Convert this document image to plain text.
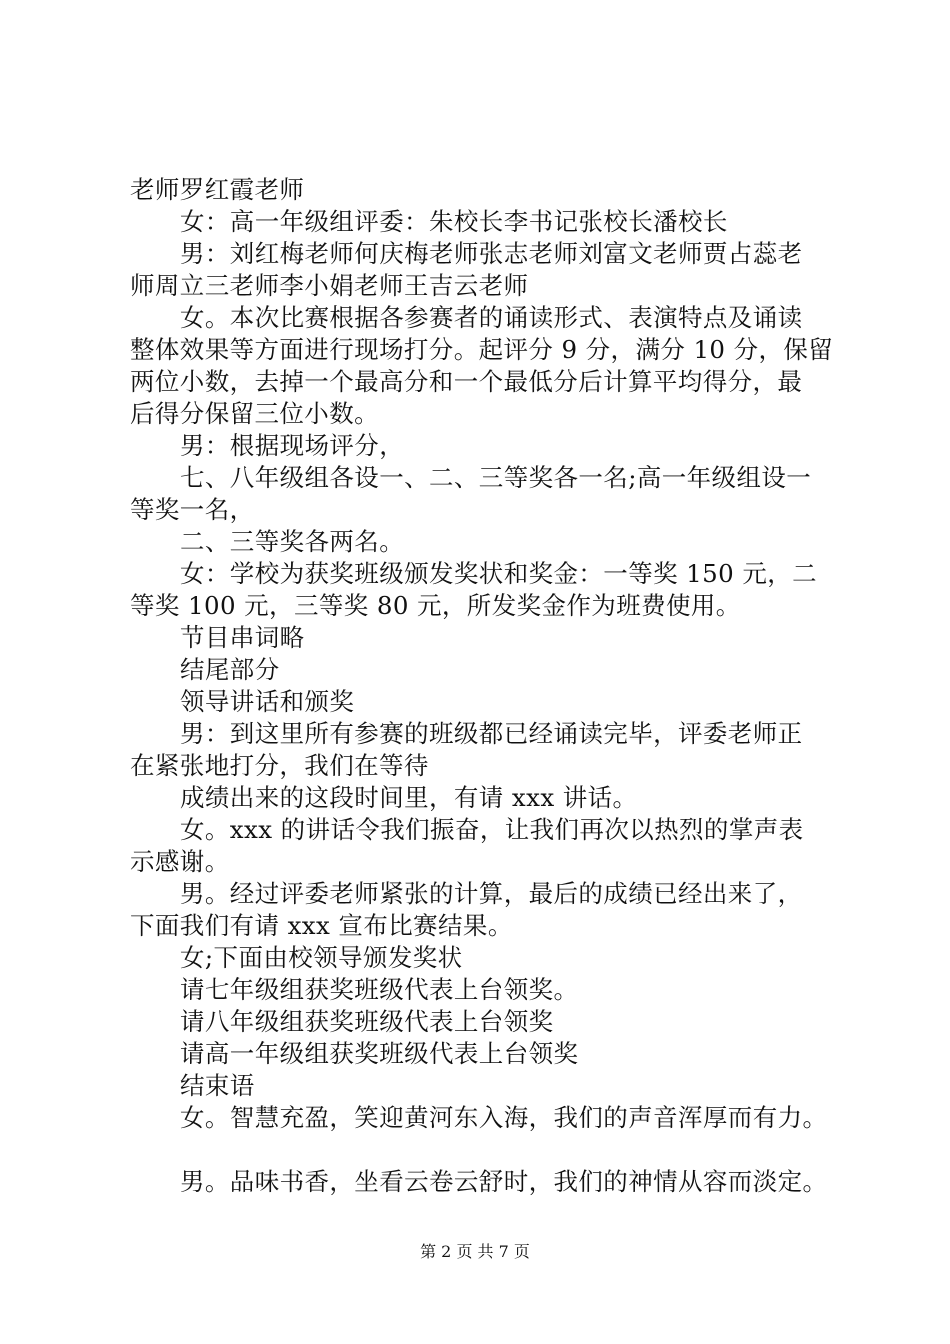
老师罗红霞老师
女：高一年级组评委：朱校长李书记张校长潘校长
男：刘红梅老师何庆梅老师张志老师刘富文老师贾占蕊老
师周立三老师李小娟老师王吉云老师
女。本次比赛根据各参赛者的诵读形式、表演特点及诵读
整体效果等方面进行现场打分。起评分 9 分，满分 10 分，保留
两位小数，去掉一个最高分和一个最低分后计算平均得分，最
后得分保留三位小数。
男：根据现场评分，
七、八年级组各设一、二、三等奖各一名;高一年级组设一
等奖一名，
二、三等奖各两名。
女：学校为获奖班级颁发奖状和奖金：一等奖 150 元，二
等奖 100 元，三等奖 80 元，所发奖金作为班费使用。
节目串词略
结尾部分
领导讲话和颁奖
男：到这里所有参赛的班级都已经诵读完毕，评委老师正
在紧张地打分，我们在等待
成绩出来的这段时间里，有请 xxx 讲话。
女。xxx 的讲话令我们振奋，让我们再次以热烈的掌声表
示感谢。
男。经过评委老师紧张的计算，最后的成绩已经出来了，
下面我们有请 xxx 宣布比赛结果。
女;下面由校领导颁发奖状
请七年级组获奖班级代表上台领奖。
请八年级组获奖班级代表上台领奖
请高一年级组获奖班级代表上台领奖
结束语
女。智慧充盈，笑迎黄河东入海，我们的声音浑厚而有力。
男。品味书香，坐看云卷云舒时，我们的神情从容而淡定。
第 2 页 共 7 页
